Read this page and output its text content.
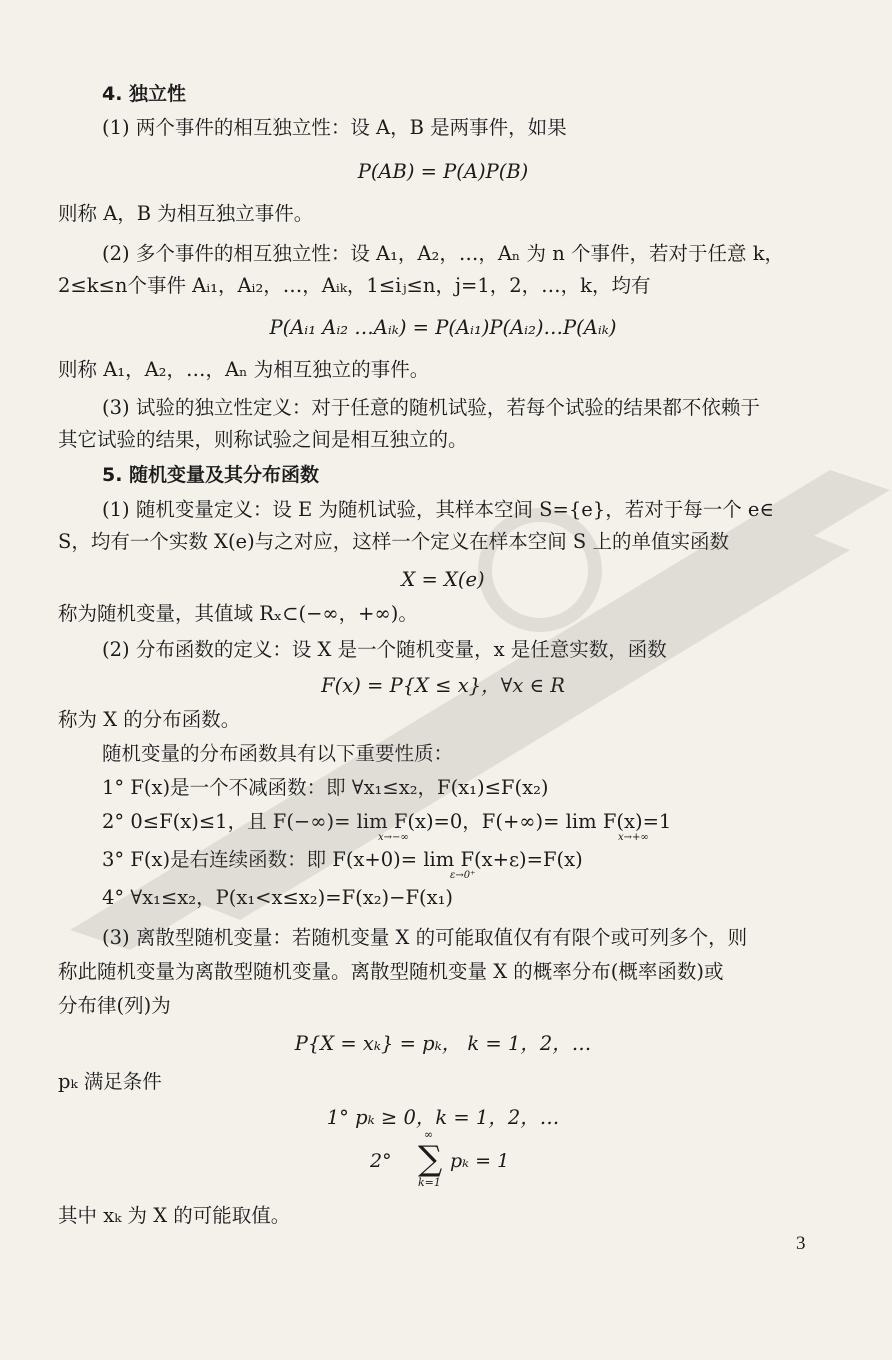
4. 独立性
(1) 两个事件的相互独立性：设 A，B 是两事件，如果
P(AB) = P(A)P(B)
则称 A，B 为相互独立事件。
(2) 多个事件的相互独立性：设 A₁，A₂，…，Aₙ 为 n 个事件，若对于任意 k，
2≤k≤n个事件 Aᵢ₁，Aᵢ₂，…，Aᵢₖ，1≤iⱼ≤n，j=1，2，…，k，均有
P(Aᵢ₁ Aᵢ₂ …Aᵢₖ) = P(Aᵢ₁)P(Aᵢ₂)…P(Aᵢₖ)
则称 A₁，A₂，…，Aₙ 为相互独立的事件。
(3) 试验的独立性定义：对于任意的随机试验，若每个试验的结果都不依赖于
其它试验的结果，则称试验之间是相互独立的。
5. 随机变量及其分布函数
(1) 随机变量定义：设 E 为随机试验，其样本空间 S={e}，若对于每一个 e∈
S，均有一个实数 X(e)与之对应，这样一个定义在样本空间 S 上的单值实函数
X = X(e)
称为随机变量，其值域 Rₓ⊂(−∞，+∞)。
(2) 分布函数的定义：设 X 是一个随机变量，x 是任意实数，函数
F(x) = P{X ≤ x}，∀x ∈ R
称为 X 的分布函数。
随机变量的分布函数具有以下重要性质：
1° F(x)是一个不减函数：即 ∀x₁≤x₂，F(x₁)≤F(x₂)
2° 0≤F(x)≤1，且 F(−∞)= lim F(x)=0，F(+∞)= lim F(x)=1
3° F(x)是右连续函数：即 F(x+0)= lim F(x+ε)=F(x)
4° ∀x₁≤x₂，P(x₁<x≤x₂)=F(x₂)−F(x₁)
(3) 离散型随机变量：若随机变量 X 的可能取值仅有有限个或可列多个，则
称此随机变量为离散型随机变量。离散型随机变量 X 的概率分布(概率函数)或
分布律(列)为
P{X = xₖ} = pₖ， k = 1，2，…
pₖ 满足条件
1° pₖ ≥ 0，k = 1，2，…
其中 xₖ 为 X 的可能取值。
x→−∞	x→+∞
ε→0⁺
2°
∞
∑
k=1
pₖ = 1
3
